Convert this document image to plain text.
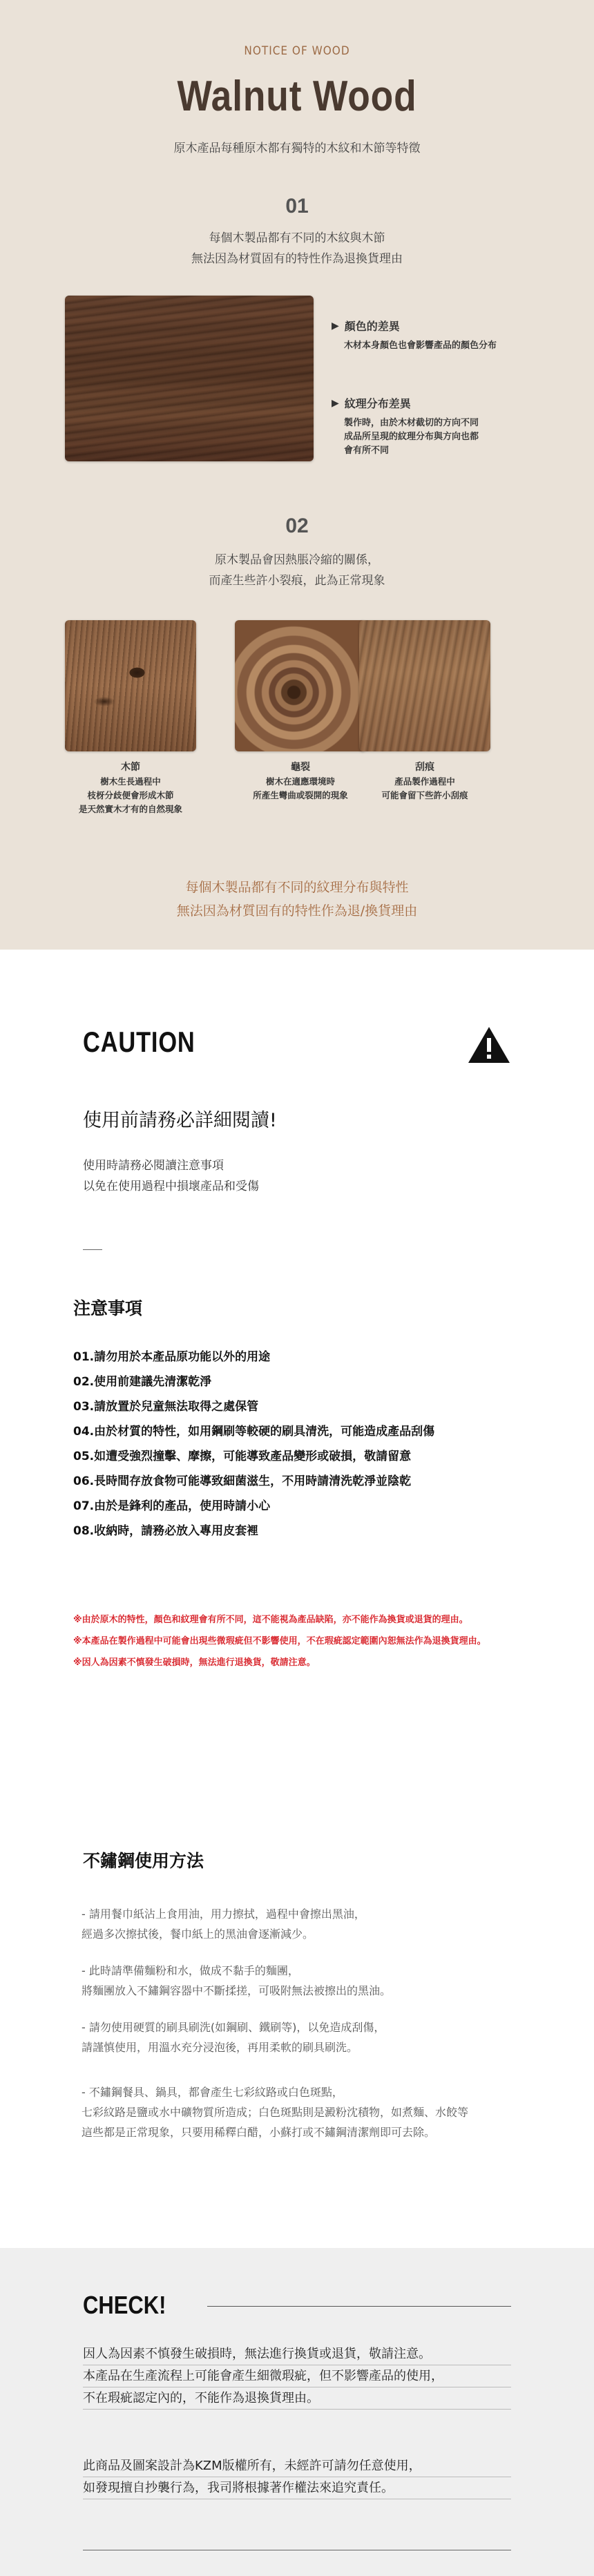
NOTICE OF WOOD
Walnut Wood
原木產品每種原木都有獨特的木紋和木節等特徵
01
每個木製品都有不同的木紋與木節
無法因為材質固有的特性作為退換貨理由
▶ 顏色的差異
木材本身顏色也會影響產品的顏色分布
▶ 紋理分布差異
製作時，由於木材截切的方向不同
成品所呈現的紋理分布與方向也都
會有所不同
02
原木製品會因熱脹冷縮的關係，
而產生些許小裂痕，此為正常現象
木節
樹木生長過程中
枝枒分歧便會形成木節
是天然實木才有的自然現象
龜裂
樹木在適應環境時
所產生彎曲或裂開的現象
刮痕
產品製作過程中
可能會留下些許小刮痕
每個木製品都有不同的紋理分布與特性
無法因為材質固有的特性作為退/換貨理由
CAUTION
使用前請務必詳細閱讀!
使用時請務必閱讀注意事項
以免在使用過程中損壞產品和受傷
注意事項
01.請勿用於本產品原功能以外的用途
02.使用前建議先清潔乾淨
03.請放置於兒童無法取得之處保管
04.由於材質的特性，如用鋼刷等較硬的刷具清洗，可能造成產品刮傷
05.如遭受強烈撞擊、摩擦，可能導致產品變形或破損，敬請留意
06.長時間存放食物可能導致細菌滋生，不用時請清洗乾淨並陰乾
07.由於是鋒利的產品，使用時請小心
08.收納時，請務必放入專用皮套裡

※由於原木的特性，顏色和紋理會有所不同，這不能視為產品缺陷，亦不能作為換貨或退貨的理由。

※本產品在製作過程中可能會出現些微瑕疵但不影響使用，不在瑕疵認定範圍內恕無法作為退換貨理由。

※因人為因素不慎發生破損時，無法進行退換貨，敬請注意。

不鏽鋼使用方法
- 請用餐巾紙沾上食用油，用力擦拭，過程中會擦出黑油，
經過多次擦拭後，餐巾紙上的黑油會逐漸減少。
- 此時請準備麵粉和水，做成不黏手的麵團，
將麵團放入不鏽鋼容器中不斷揉搓，可吸附無法被擦出的黑油。
- 請勿使用硬質的刷具刷洗(如鋼刷、鐵刷等)，以免造成刮傷，
請謹慎使用，用溫水充分浸泡後，再用柔軟的刷具刷洗。
- 不鏽鋼餐具、鍋具，都會產生七彩紋路或白色斑點，
七彩紋路是鹽或水中礦物質所造成；白色斑點則是澱粉沈積物，如煮麵、水餃等
這些都是正常現象，只要用稀釋白醋，小蘇打或不鏽鋼清潔劑即可去除。
CHECK!
因人為因素不慎發生破損時，無法進行換貨或退貨，敬請注意。
本產品在生產流程上可能會產生細微瑕疵，但不影響產品的使用，
不在瑕疵認定內的，不能作為退換貨理由。
此商品及圖案設計為KZM版權所有，未經許可請勿任意使用，
如發現擅自抄襲行為，我司將根據著作權法來追究責任。
